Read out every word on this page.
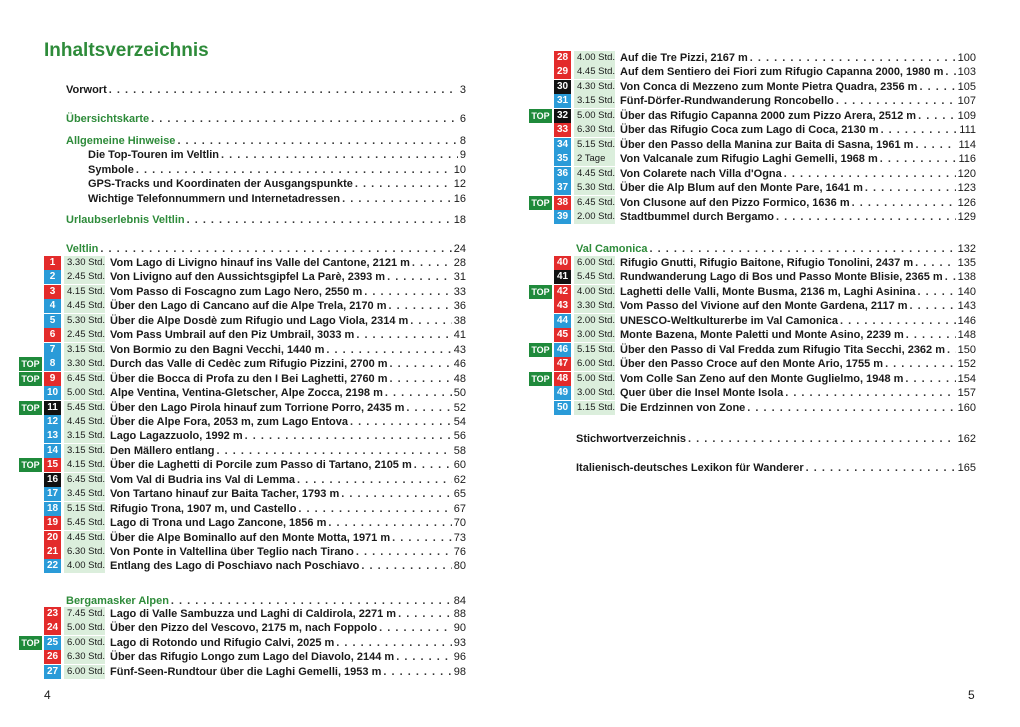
Inhaltsverzeichnis
Vorwort . . .	3
Übersichtskarte . . .	6
Allgemeine Hinweise . . .	8
Die Top-Touren im Veltlin . . .	9
Symbole . . .	10
GPS-Tracks und Koordinaten der Ausgangspunkte . . .	12
Wichtige Telefonnummern und Internetadressen . . .	16
Urlaubserlebnis Veltlin . . .	18
Veltlin . . .	24
Bergamasker Alpen . . .	84
1	3.30 Std. Vom Lago di Livigno hinauf ins Valle del Cantone, 2121 m . . .	28
2	2.45 Std. Von Livigno auf den Aussichtsgipfel La Parè, 2393 m . . .	31
3	4.15 Std. Vom Passo di Foscagno zum Lago Nero, 2550 m . . .	33
4	4.45 Std. Über den Lago di Cancano auf die Alpe Trela, 2170 m . . .	36
5	5.30 Std. Über die Alpe Dosdè zum Rifugio und Lago Viola, 2314 m . . .	38
6	2.45 Std. Vom Pass Umbrail auf den Piz Umbrail, 3033 m . . .	41
7	3.15 Std. Von Bormio zu den Bagni Vecchi, 1440 m . . .	43
TOP	8	3.30 Std. Durch das Valle di Cedèc zum Rifugio Pizzini, 2700 m . . .	46
TOP	9	6.45 Std. Über die Bocca di Profa zu den I Bei Laghetti, 2760 m . . .	48
10 5.00 Std. Alpe Ventina, Ventina-Gletscher, Alpe Zocca, 2198 m . . .	50
TOP 11 5.45 Std. Über den Lago Pirola hinauf zum Torrione Porro, 2435 m . . .	52
12 4.45 Std. Über die Alpe Fora, 2053 m, zum Lago Entova . . .	54
13 3.15 Std. Lago Lagazzuolo, 1992 m . . .	56
14 3.15 Std. Den Mällero entlang . . .	58
TOP 15 4.15 Std. Über die Laghetti di Porcile zum Passo di Tartano, 2105 m . . .	60
16 6.45 Std. Vom Val di Budria ins Val di Lemma . . .	62
17 3.45 Std. Von Tartano hinauf zur Baita Tacher, 1793 m . . .	65
18 5.15 Std. Rifugio Trona, 1907 m, und Castello . . .	67
19 5.45 Std. Lago di Trona und Lago Zancone, 1856 m . . .	70
20 4.45 Std. Über die Alpe Bominallo auf den Monte Motta, 1971 m . . .	73
21 6.30 Std. Von Ponte in Valtellina über Teglio nach Tirano . . .	76
22 4.00 Std. Entlang des Lago di Poschiavo nach Poschiavo . . .	80
23 7.45 Std. Lago di Valle Sambuzza und Laghi di Caldirola, 2271 m . . .	88
24 5.00 Std. Über den Pizzo del Vescovo, 2175 m, nach Foppolo . . .	90
TOP 25 6.00 Std. Lago di Rotondo und Rifugio Calvi, 2025 m . . .	93
26 6.30 Std. Über das Rifugio Longo zum Lago del Diavolo, 2144 m . . .	96
27 6.00 Std. Fünf-Seen-Rundtour über die Laghi Gemelli, 1953 m . . .	98
4
28 4.00 Std. Auf die Tre Pizzi, 2167 m . . .	100
29 4.45 Std. Auf dem Sentiero dei Fiori zum Rifugio Capanna 2000, 1980 m . . . 103
30 4.30 Std. Von Conca di Mezzeno zum Monte Pietra Quadra, 2356 m . . .	105
31 3.15 Std. Fünf-Dörfer-Rundwanderung Roncobello . . .	107
TOP 32 5.00 Std. Über das Rifugio Capanna 2000 zum Pizzo Arera, 2512 m . . .	109
33 6.30 Std. Über das Rifugio Coca zum Lago di Coca, 2130 m . . .	111
34 5.15 Std. Über den Passo della Manina zur Baita di Sasna, 1961 m . . .	114
35 2 Tage	Von Valcanale zum Rifugio Laghi Gemelli, 1968 m . . .	116
36 4.45 Std. Von Colarete nach Villa d'Ogna . . .	120
37 5.30 Std. Über die Alp Blum auf den Monte Pare, 1641 m . . .	123
TOP 38 6.45 Std. Von Clusone auf den Pizzo Formico, 1636 m . . .	126
39 2.00 Std. Stadtbummel durch Bergamo . . .	129
40 6.00 Std. Rifugio Gnutti, Rifugio Baitone, Rifugio Tonolini, 2437 m . . .	135
41 5.45 Std. Rundwanderung Lago di Bos und Passo Monte Blisie, 2365 m . . . 138
TOP 42 4.00 Std. Laghetti delle Valli, Monte Busma, 2136 m, Laghi Asinina . . .	140
43 3.30 Std. Vom Passo del Vivione auf den Monte Gardena, 2117 m . . .	143
44 2.00 Std. UNESCO-Weltkulturerbe im Val Camonica . . .	146
45 3.00 Std. Monte Bazena, Monte Paletti und Monte Asino, 2239 m . . .	148
TOP 46 5.15 Std. Über den Passo di Val Fredda zum Rifugio Tita Secchi, 2362 m . . . 150
47 6.00 Std. Über den Passo Croce auf den Monte Ario, 1755 m . . .	152
TOP 48 5.00 Std. Vom Colle San Zeno auf den Monte Guglielmo, 1948 m . . .	154
49 3.00 Std. Quer über die Insel Monte Isola . . .	157
50 1.15 Std. Die Erdzinnen von Zone . . .	160
Val Camonica . . .	132
Stichwortverzeichnis . . .	162
Italienisch-deutsches Lexikon für Wanderer . . .	165
5
